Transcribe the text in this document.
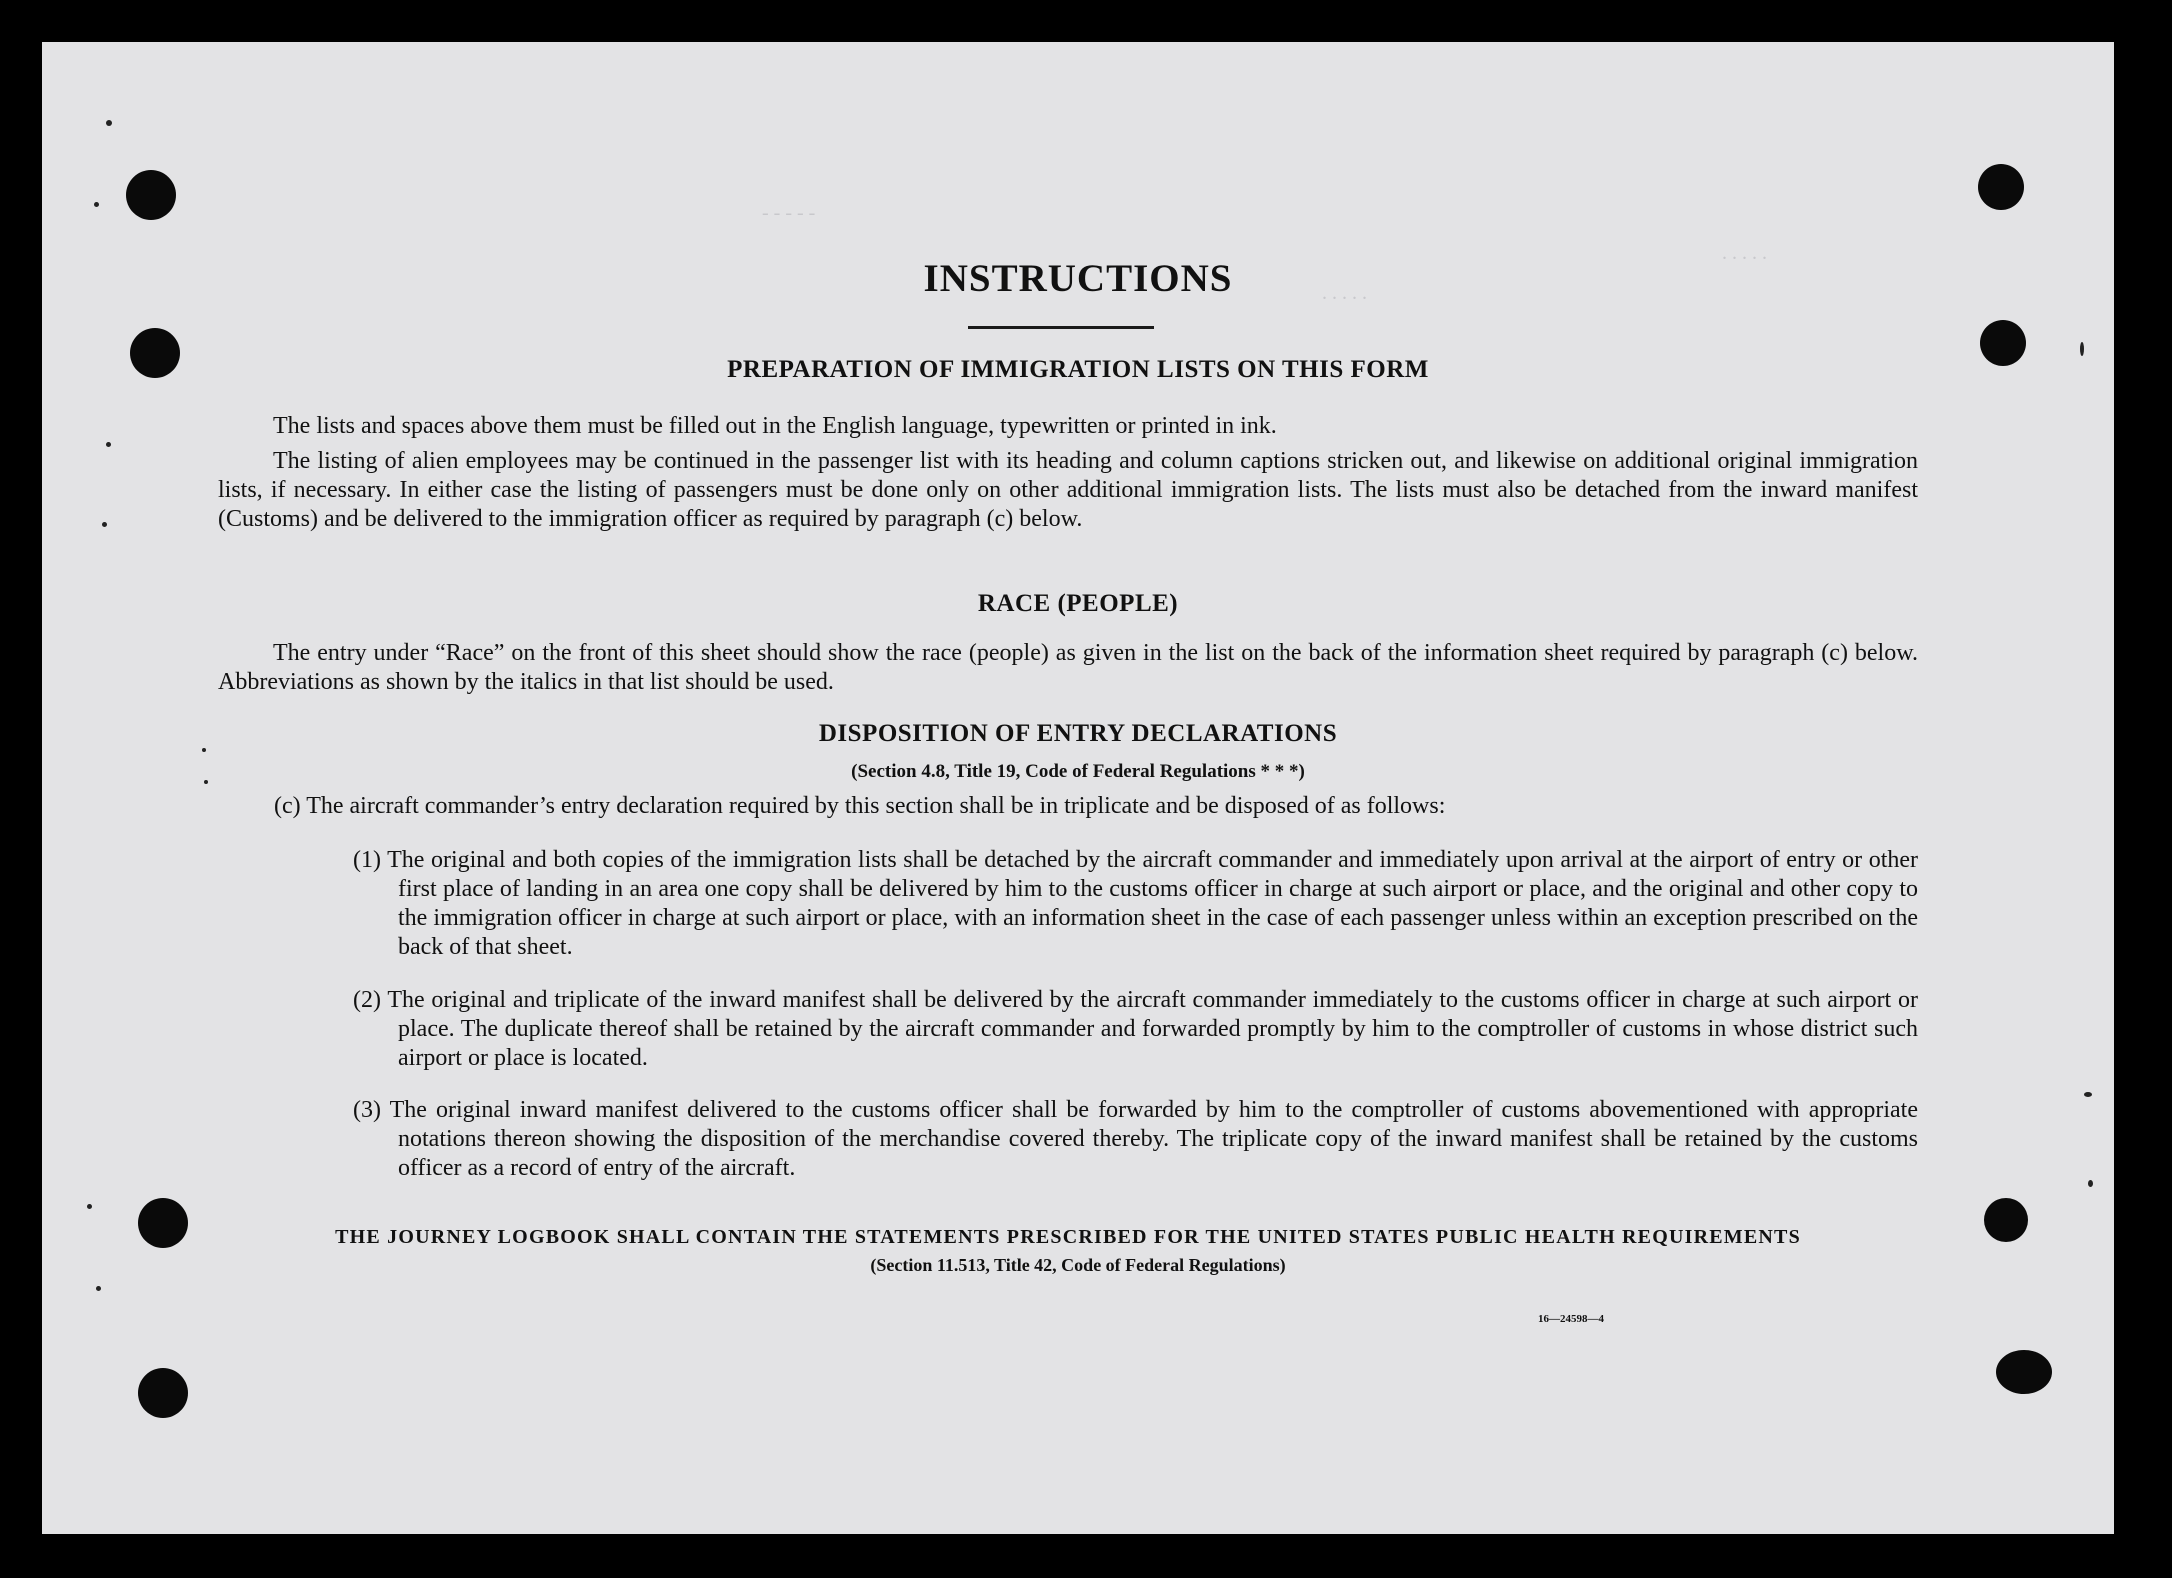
- - - - -
. . . . .
. . . . .
INSTRUCTIONS
PREPARATION OF IMMIGRATION LISTS ON THIS FORM

The lists and spaces above them must be filled out in the English language, typewritten or printed in ink.

The listing of alien employees may be continued in the passenger list with its heading and column captions stricken out, and likewise on additional original immigration lists, if necessary. In either case the listing of passengers must be done only on other additional immigration lists. The lists must also be detached from the inward manifest (Customs) and be delivered to the immigration officer as required by paragraph (c) below.

RACE (PEOPLE)

The entry under “Race” on the front of this sheet should show the race (people) as given in the list on the back of the information sheet required by paragraph (c) below. Abbreviations as shown by the italics in that list should be used.

DISPOSITION OF ENTRY DECLARATIONS
(Section 4.8, Title 19, Code of Federal Regulations * * *)

(c) The aircraft commander’s entry declaration required by this section shall be in triplicate and be disposed of as follows:

(1) The original and both copies of the immigration lists shall be detached by the aircraft commander and immediately upon arrival at the airport of entry or other first place of landing in an area one copy shall be delivered by him to the customs officer in charge at such airport or place, and the original and other copy to the immigration officer in charge at such airport or place, with an information sheet in the case of each passenger unless within an exception prescribed on the back of that sheet.

(2) The original and triplicate of the inward manifest shall be delivered by the aircraft commander immediately to the customs officer in charge at such airport or place. The duplicate thereof shall be retained by the aircraft commander and forwarded promptly by him to the comptroller of customs in whose district such airport or place is located.

(3) The original inward manifest delivered to the customs officer shall be forwarded by him to the comptroller of customs abovementioned with appropriate notations thereon showing the disposition of the merchandise covered thereby. The triplicate copy of the inward manifest shall be retained by the customs officer as a record of entry of the aircraft.

THE JOURNEY LOGBOOK SHALL CONTAIN THE STATEMENTS PRESCRIBED FOR THE UNITED STATES PUBLIC HEALTH REQUIREMENTS
(Section 11.513, Title 42, Code of Federal Regulations)
16—24598—4
